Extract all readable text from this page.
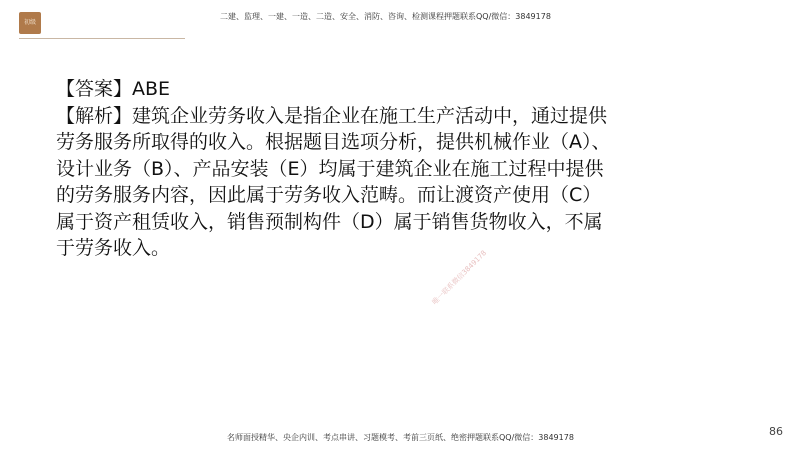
初级
二建、监理、一建、一造、二造、安全、消防、咨询、检测课程押题联系QQ/微信：3849178

【答案】ABE

【解析】建筑企业劳务收入是指企业在施工生产活动中，通过提供劳务服务所取得的收入。根据题目选项分析，提供机械作业（A）、设计业务（B）、产品安装（E）均属于建筑企业在施工过程中提供的劳务服务内容，因此属于劳务收入范畴。而让渡资产使用（C）属于资产租赁收入，销售预制构件（D）属于销售货物收入，不属于劳务收入。

唯一联系微信3849178
名师面授精华、央企内训、考点串讲、习题模考、考前三页纸、绝密押题联系QQ/微信：3849178	86
